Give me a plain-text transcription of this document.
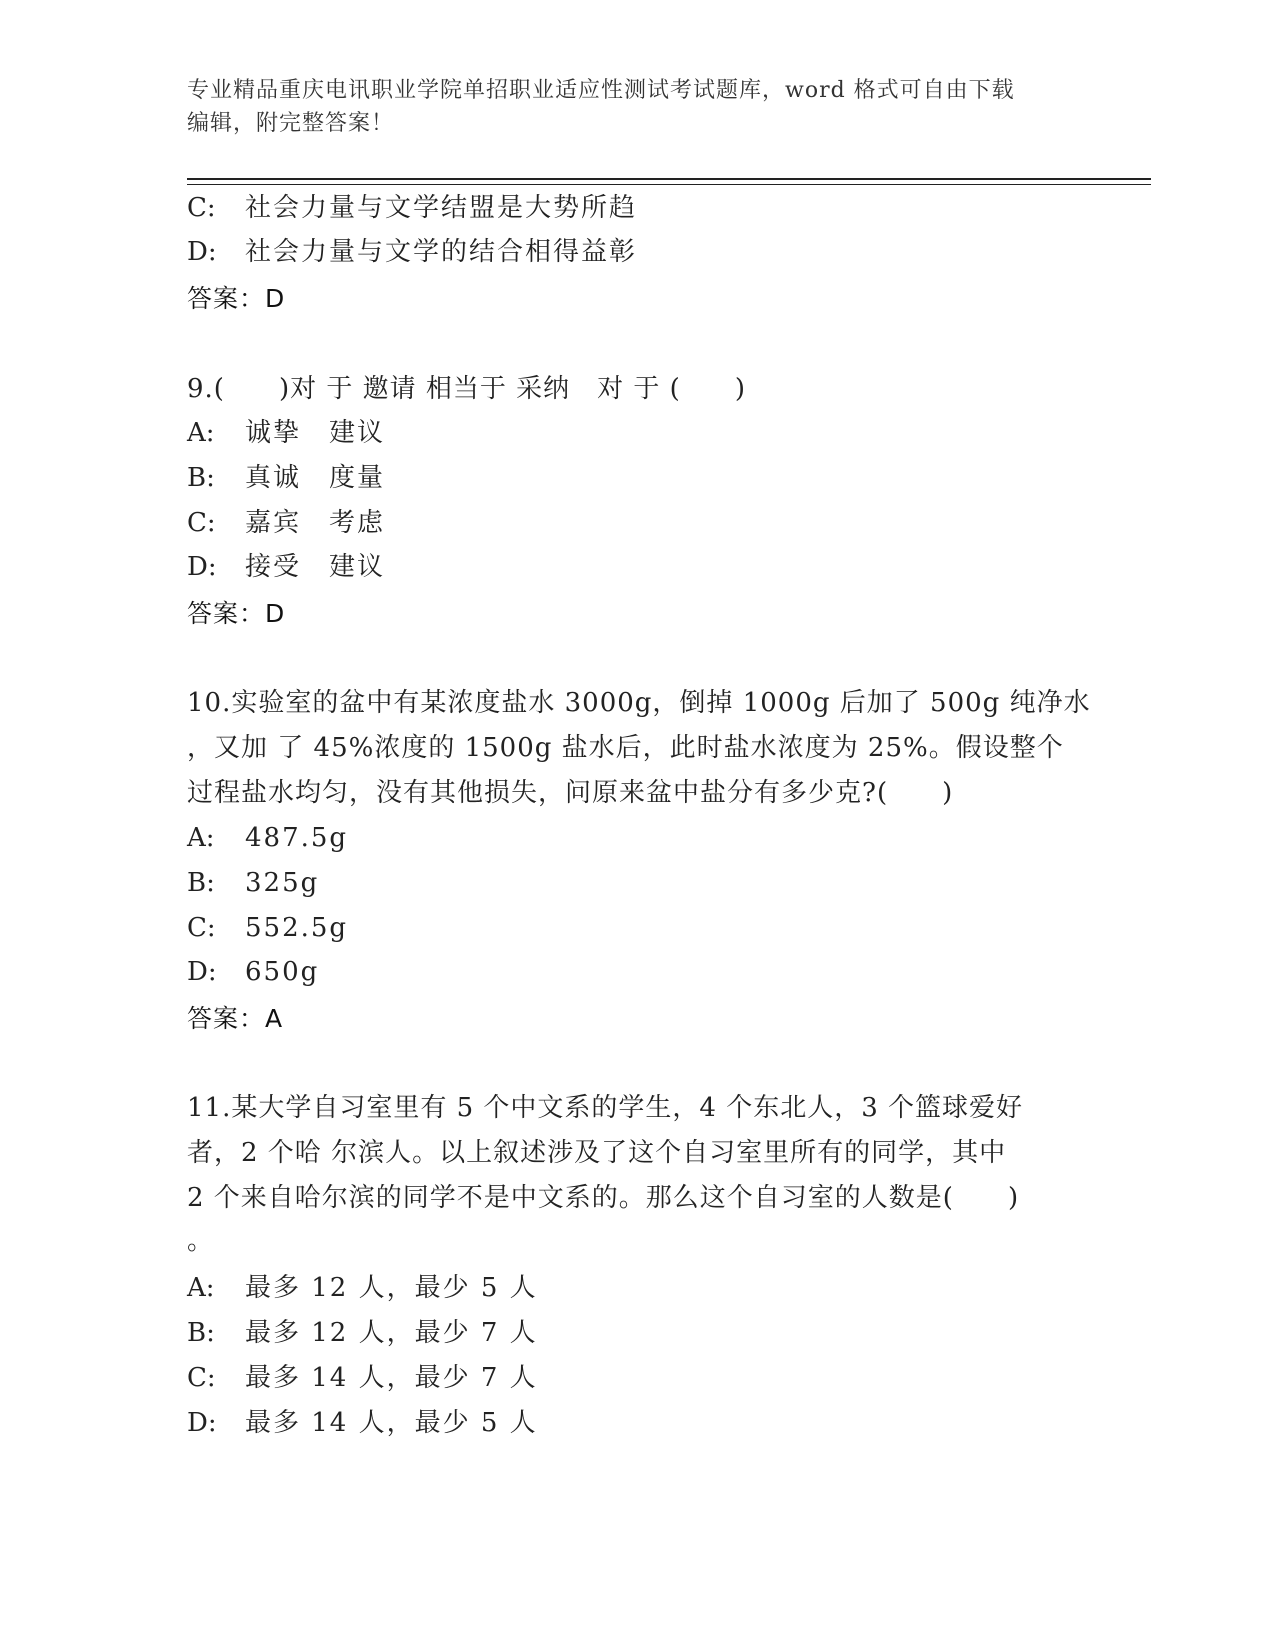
专业精品重庆电讯职业学院单招职业适应性测试考试题库，word 格式可自由下载
编辑，附完整答案！
C: 社会力量与文学结盟是大势所趋
D: 社会力量与文学的结合相得益彰
答案：D
9.(　　)对 于 邀请 相当于 采纳　对 于 (　　)
A: 诚挚　建议
B: 真诚　度量
C: 嘉宾　考虑
D: 接受　建议
答案：D
10.实验室的盆中有某浓度盐水 3000g，倒掉 1000g 后加了 500g 纯净水
，又加 了 45%浓度的 1500g 盐水后，此时盐水浓度为 25%。假设整个
过程盐水均匀，没有其他损失，问原来盆中盐分有多少克?(　　)
A: 487.5g
B: 325g
C: 552.5g
D: 650g
答案：A
11.某大学自习室里有 5 个中文系的学生，4 个东北人，3 个篮球爱好
者，2 个哈 尔滨人。以上叙述涉及了这个自习室里所有的同学，其中
2 个来自哈尔滨的同学不是中文系的。那么这个自习室的人数是(　　)
。
A: 最多 12 人，最少 5 人
B: 最多 12 人，最少 7 人
C: 最多 14 人，最少 7 人
D: 最多 14 人，最少 5 人
